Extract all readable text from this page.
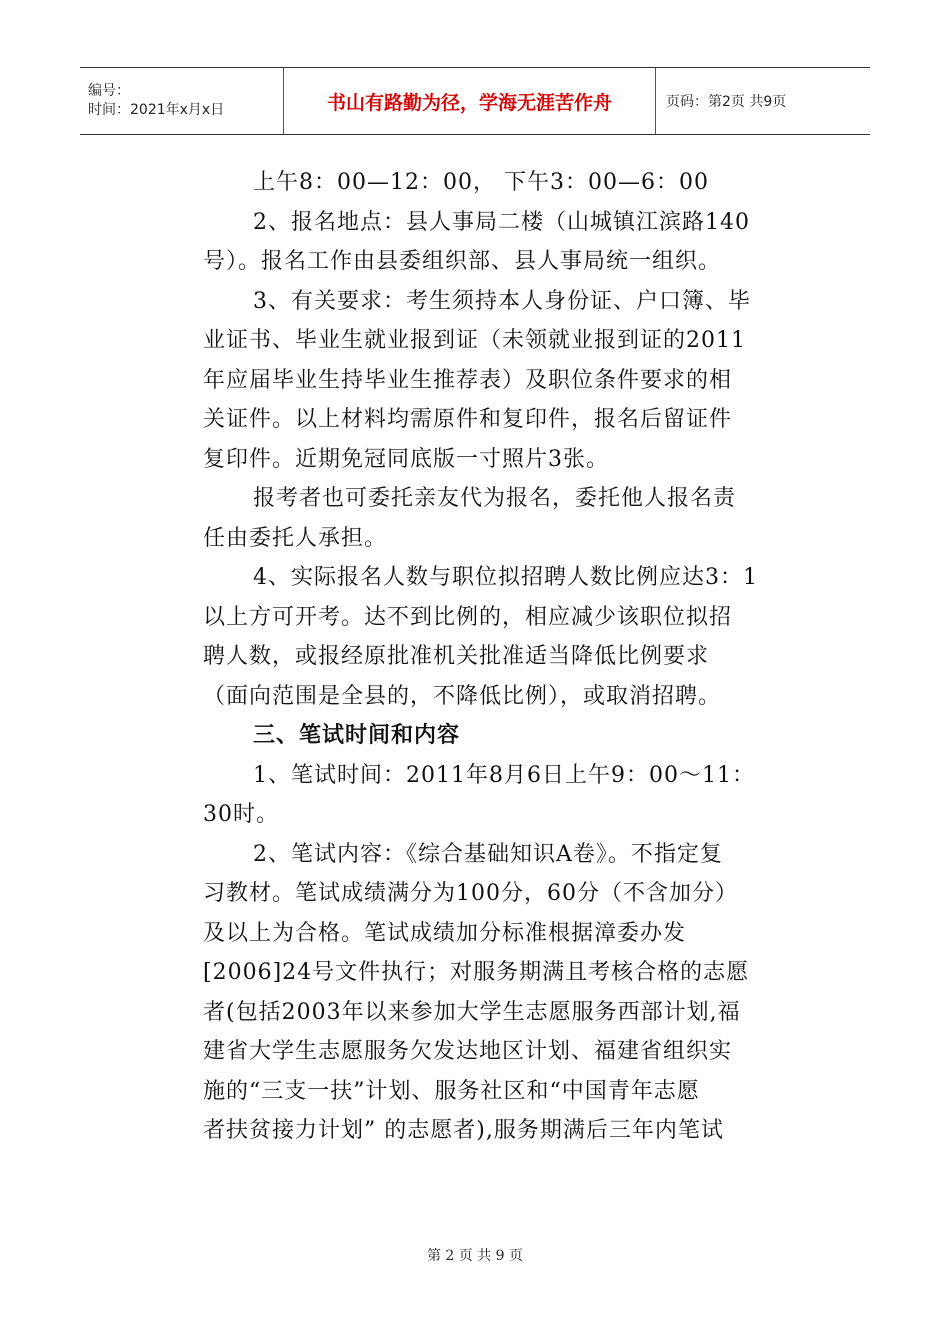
编号：
时间：2021年x月x日	书山有路勤为径，学海无涯苦作舟	页码：第2页 共9页

上午8：00—12：00， 下午3：00—6：00

2、报名地点：县人事局二楼（山城镇江滨路140
号）。报名工作由县委组织部、县人事局统一组织。

3、有关要求：考生须持本人身份证、户口簿、毕
业证书、毕业生就业报到证（未领就业报到证的2011
年应届毕业生持毕业生推荐表）及职位条件要求的相
关证件。以上材料均需原件和复印件，报名后留证件
复印件。近期免冠同底版一寸照片3张。

报考者也可委托亲友代为报名，委托他人报名责
任由委托人承担。

4、实际报名人数与职位拟招聘人数比例应达3：1
以上方可开考。达不到比例的，相应减少该职位拟招
聘人数，或报经原批准机关批准适当降低比例要求
（面向范围是全县的，不降低比例），或取消招聘。

三、笔试时间和内容

1、笔试时间：2011年8月6日上午9：00～11：
30时。

2、笔试内容：《综合基础知识A卷》。不指定复
习教材。笔试成绩满分为100分，60分（不含加分）
及以上为合格。笔试成绩加分标准根据漳委办发
[2006]24号文件执行；对服务期满且考核合格的志愿
者(包括2003年以来参加大学生志愿服务西部计划,福
建省大学生志愿服务欠发达地区计划、福建省组织实
施的“三支一扶”计划、服务社区和“中国青年志愿
者扶贫接力计划” 的志愿者),服务期满后三年内笔试

第 2 页 共 9 页
